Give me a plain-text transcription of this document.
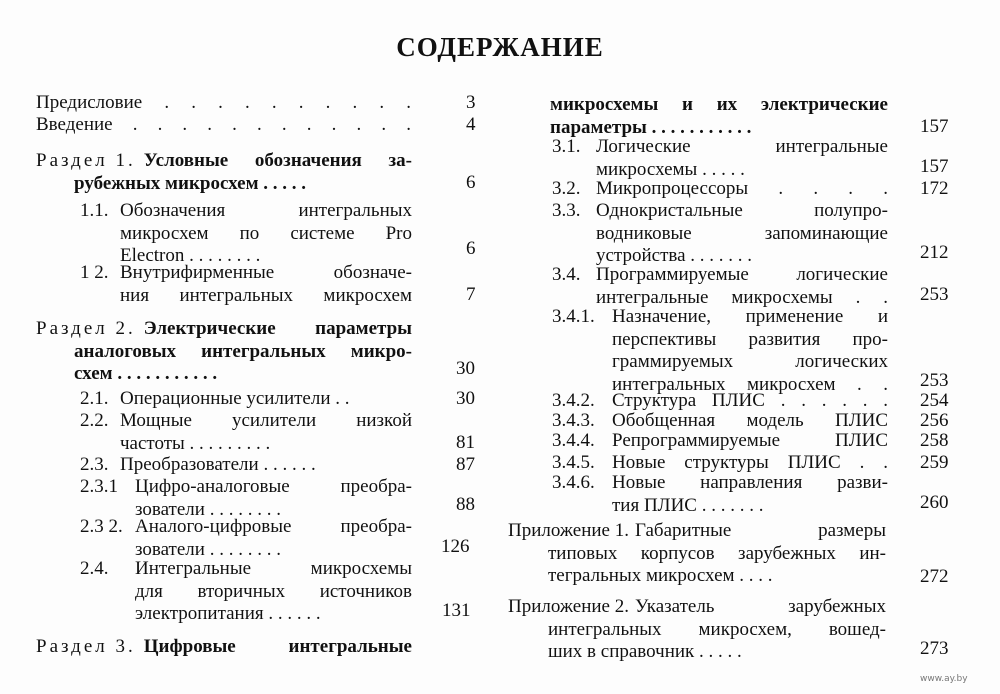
СОДЕРЖАНИЕ
Предисловие . . . . . . . . . .	3
Введение . . . . . . . . . . . .	4
Раздел 1. Условные обозначения за-
рубежных микросхем . . . . .	6
1.1. Обозначения интегральных
микросхем по системе Pro
Electron . . . . . . . .	6
1 2. Внутрифирменные обозначе-
ния интегральных микросхем	7
Раздел 2. Электрические параметры
аналоговых интегральных микро-
схем . . . . . . . . . . .	30
2.1. Операционные усилители . .	30
2.2. Мощные усилители низкой
частоты . . . . . . . . .	81
2.3. Преобразователи . . . . . .	87
2.3.1 Цифро-аналоговые преобра-
зователи . . . . . . . .	88
2.3 2. Аналого-цифровые преобра-
зователи . . . . . . . .	126
2.4. Интегральные микросхемы
для вторичных источников
электропитания . . . . . .	131
Раздел 3. Цифровые интегральные
микросхемы и их электрические
параметры . . . . . . . . . . .	157
3.1. Логические интегральные
микросхемы . . . . .	157
3.2. Микропроцессоры . . . . 172
3.3. Однокристальные полупро-
водниковые запоминающие
устройства . . . . . . .	212
3.4. Программируемые логические
интегральные микросхемы . . 253
3.4.1. Назначение, применение и
перспективы развития про-
граммируемых логических
интегральных микросхем . . 253
3.4.2. Структура ПЛИС . . . . . . 254
3.4.3. Обобщенная модель ПЛИС 256
3.4.4. Репрограммируемые ПЛИС 258
3.4.5. Новые структуры ПЛИС . . 259
3.4.6. Новые направления разви-
тия ПЛИС . . . . . . .	260
Приложение 1. Габаритные размеры
типовых корпусов зарубежных ин-
тегральных микросхем . . . .	272
Приложение 2. Указатель зарубежных
интегральных микросхем, вошед-
ших в справочник . . . . .	273
www.ay.by
